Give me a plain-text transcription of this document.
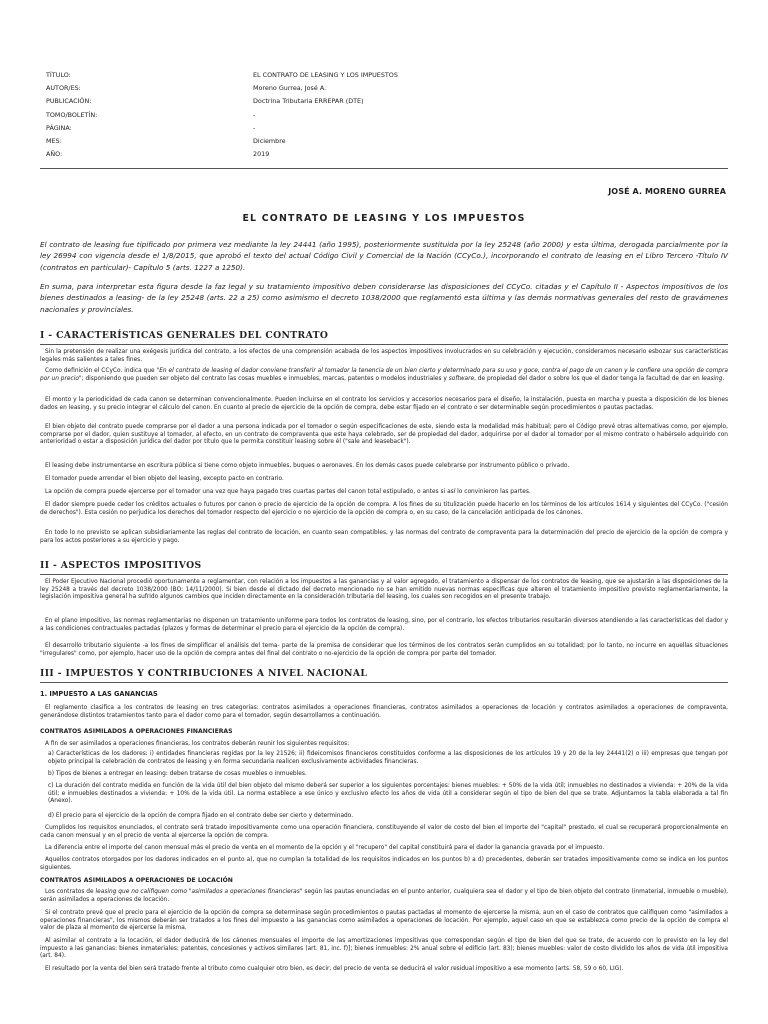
TÍTULO:	EL CONTRATO DE LEASING Y LOS IMPUESTOS
AUTOR/ES:	Moreno Gurrea, José A.
PUBLICACIÓN:	Doctrina Tributaria ERREPAR (DTE)
TOMO/BOLETÍN:	-
PÁGINA:	-
MES:	Diciembre
AÑO:	2019
JOSÉ A. MORENO GURREA
EL CONTRATO DE LEASING Y LOS IMPUESTOS

El contrato de leasing fue tipificado por primera vez mediante la ley 24441 (año 1995), posteriormente sustituida por la ley 25248 (año 2000) y esta última, derogada parcialmente por la ley 26994 con vigencia desde el 1/8/2015, que aprobó el texto del actual Código Civil y Comercial de la Nación (CCyCo.), incorporando el contrato de leasing en el Libro Tercero -Título IV (contratos en particular)- Capítulo 5 (arts. 1227 a 1250).

En suma, para interpretar esta figura desde la faz legal y su tratamiento impositivo deben considerarse las disposiciones del CCyCo. citadas y el Capítulo II - Aspectos impositivos de los bienes destinados a leasing- de la ley 25248 (arts. 22 a 25) como asimismo el decreto 1038/2000 que reglamentó esta última y las demás normativas generales del resto de gravámenes nacionales y provinciales.

I - CARACTERÍSTICAS GENERALES DEL CONTRATO

Sin la pretensión de realizar una exégesis jurídica del contrato, a los efectos de una comprensión acabada de los aspectos impositivos involucrados en su celebración y ejecución, consideramos necesario esbozar sus características legales más salientes a tales fines.

Como definición el CCyCo. indica que "En el contrato de leasing el dador conviene transferir al tomador la tenencia de un bien cierto y determinado para su uso y goce, contra el pago de un canon y le confiere una opción de compra por un precio"; disponiendo que pueden ser objeto del contrato las cosas muebles e inmuebles, marcas, patentes o modelos industriales y software, de propiedad del dador o sobre los que el dador tenga la facultad de dar en leasing.

El monto y la periodicidad de cada canon se determinan convencionalmente. Pueden incluirse en el contrato los servicios y accesorios necesarios para el diseño, la instalación, puesta en marcha y puesta a disposición de los bienes dados en leasing, y su precio integrar el cálculo del canon. En cuanto al precio de ejercicio de la opción de compra, debe estar fijado en el contrato o ser determinable según procedimientos o pautas pactadas.

El bien objeto del contrato puede comprarse por el dador a una persona indicada por el tomador o según especificaciones de este, siendo esta la modalidad más habitual; pero el Código prevé otras alternativas como, por ejemplo, comprarse por el dador, quien sustituye al tomador, al efecto, en un contrato de compraventa que este haya celebrado, ser de propiedad del dador, adquirirse por el dador al tomador por el mismo contrato o habérselo adquirido con anterioridad o estar a disposición jurídica del dador por título que le permita constituir leasing sobre él ("sale and leaseback").

El leasing debe instrumentarse en escritura pública si tiene como objeto inmuebles, buques o aeronaves. En los demás casos puede celebrarse por instrumento público o privado.

El tomador puede arrendar el bien objeto del leasing, excepto pacto en contrario.

La opción de compra puede ejercerse por el tomador una vez que haya pagado tres cuartas partes del canon total estipulado, o antes si así lo convinieron las partes.

El dador siempre puede ceder los créditos actuales o futuros por canon o precio de ejercicio de la opción de compra. A los fines de su titulización puede hacerlo en los términos de los artículos 1614 y siguientes del CCyCo. ("cesión de derechos"). Esta cesión no perjudica los derechos del tomador respecto del ejercicio o no ejercicio de la opción de compra o, en su caso, de la cancelación anticipada de los cánones.

En todo lo no previsto se aplican subsidiariamente las reglas del contrato de locación, en cuanto sean compatibles, y las normas del contrato de compraventa para la determinación del precio de ejercicio de la opción de compra y para los actos posteriores a su ejercicio y pago.

II - ASPECTOS IMPOSITIVOS

El Poder Ejecutivo Nacional procedió oportunamente a reglamentar, con relación a los impuestos a las ganancias y al valor agregado, el tratamiento a dispensar de los contratos de leasing, que se ajustarán a las disposiciones de la ley 25248 a través del decreto 1038/2000 (BO: 14/11/2000). Si bien desde el dictado del decreto mencionado no se han emitido nuevas normas específicas que alteren el tratamiento impositivo previsto reglamentariamente, la legislación impositiva general ha sufrido algunos cambios que inciden directamente en la consideración tributaria del leasing, los cuales son recogidos en el presente trabajo.

En el plano impositivo, las normas reglamentarias no disponen un tratamiento uniforme para todos los contratos de leasing, sino, por el contrario, los efectos tributarios resultarán diversos atendiendo a las características del dador y a las condiciones contractuales pactadas (plazos y formas de determinar el precio para el ejercicio de la opción de compra).

El desarrollo tributario siguiente -a los fines de simplificar el análisis del tema- parte de la premisa de considerar que los términos de los contratos serán cumplidos en su totalidad; por lo tanto, no incurre en aquellas situaciones "irregulares" como, por ejemplo, hacer uso de la opción de compra antes del final del contrato o no-ejercicio de la opción de compra por parte del tomador.

III - IMPUESTOS Y CONTRIBUCIONES A NIVEL NACIONAL
1. IMPUESTO A LAS GANANCIAS

El reglamento clasifica a los contratos de leasing en tres categorías: contratos asimilados a operaciones financieras, contratos asimilados a operaciones de locación y contratos asimilados a operaciones de compraventa, generándose distintos tratamientos tanto para el dador como para el tomador, según desarrollamos a continuación.

CONTRATOS ASIMILADOS A OPERACIONES FINANCIERAS

A fin de ser asimilados a operaciones financieras, los contratos deberán reunir los siguientes requisitos:

a) Características de los dadores: i) entidades financieras regidas por la ley 21526; ii) fideicomisos financieros constituidos conforme a las disposiciones de los artículos 19 y 20 de la ley 24441(2) o iii) empresas que tengan por objeto principal la celebración de contratos de leasing y en forma secundaria realicen exclusivamente actividades financieras.

b) Tipos de bienes a entregar en leasing: deben tratarse de cosas muebles o inmuebles.

c) La duración del contrato medida en función de la vida útil del bien objeto del mismo deberá ser superior a los siguientes porcentajes: bienes muebles: + 50% de la vida útil; inmuebles no destinados a vivienda: + 20% de la vida útil; e inmuebles destinados a vivienda: + 10% de la vida útil. La norma establece a ese único y exclusivo efecto los años de vida útil a considerar según el tipo de bien del que se trate. Adjuntamos la tabla elaborada a tal fin (Anexo).

d) El precio para el ejercicio de la opción de compra fijado en el contrato debe ser cierto y determinado.

Cumplidos los requisitos enunciados, el contrato será tratado impositivamente como una operación financiera, constituyendo el valor de costo del bien el importe del "capital" prestado, el cual se recuperará proporcionalmente en cada canon mensual y en el precio de venta al ejercerse la opción de compra.

La diferencia entre el importe del canon mensual más el precio de venta en el momento de la opción y el "recupero" del capital constituirá para el dador la ganancia gravada por el impuesto.

Aquellos contratos otorgados por los dadores indicados en el punto a), que no cumplan la totalidad de los requisitos indicados en los puntos b) a d) precedentes, deberán ser tratados impositivamente como se indica en los puntos siguientes.

CONTRATOS ASIMILADOS A OPERACIONES DE LOCACIÓN

Los contratos de leasing que no califiquen como "asimilados a operaciones financieras" según las pautas enunciadas en el punto anterior, cualquiera sea el dador y el tipo de bien objeto del contrato (inmaterial, inmueble o mueble), serán asimilados a operaciones de locación.

Si el contrato prevé que el precio para el ejercicio de la opción de compra se determinase según procedimientos o pautas pactadas al momento de ejercerse la misma, aun en el caso de contratos que califiquen como "asimilados a operaciones financieras", los mismos deberán ser tratados a los fines del impuesto a las ganancias como asimilados a operaciones de locación. Por ejemplo, aquel caso en que se establezca como precio de la opción de compra el valor de plaza al momento de ejercerse la misma.

Al asimilar el contrato a la locación, el dador deducirá de los cánones mensuales el importe de las amortizaciones impositivas que correspondan según el tipo de bien del que se trate, de acuerdo con lo previsto en la ley del impuesto a las ganancias: bienes inmateriales: patentes, concesiones y activos similares (art. 81, inc. f)]; bienes inmuebles: 2% anual sobre el edificio (art. 83); bienes muebles: valor de costo dividido los años de vida útil impositiva (art. 84).

El resultado por la venta del bien será tratado frente al tributo como cualquier otro bien, es decir, del precio de venta se deducirá el valor residual impositivo a ese momento (arts. 58, 59 o 60, LIG).
